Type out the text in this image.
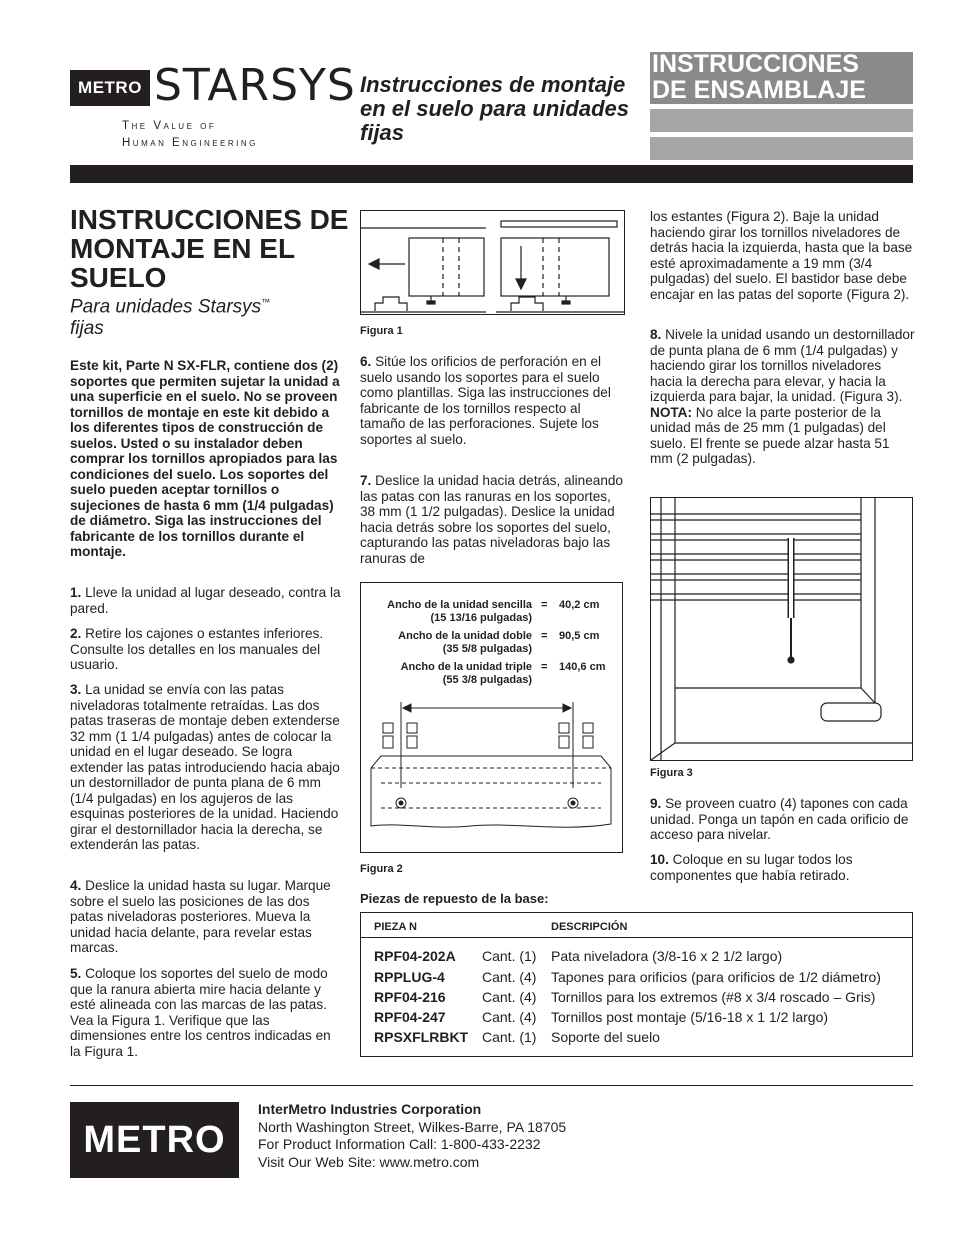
METRO STARSYS
The Value of
Human Engineering
Instrucciones de montaje en el suelo para unidades fijas
INSTRUCCIONES
DE ENSAMBLAJE
INSTRUCCIONES DE MONTAJE EN EL SUELO
Para unidades Starsys™
fijas
Este kit, Parte N SX-FLR, contiene dos (2) soportes que permiten sujetar la unidad a una superficie en el suelo. No se proveen tornillos de montaje en este kit debido a los diferentes tipos de construcción de suelos. Usted o su instalador deben comprar los tornillos apropiados para las condiciones del suelo. Los soportes del suelo pueden aceptar tornillos o sujeciones de hasta 6 mm (1/4 pulgadas) de diámetro. Siga las instrucciones del fabricante de los tornillos durante el montaje.
1. Lleve la unidad al lugar deseado, contra la pared.
2. Retire los cajones o estantes inferiores. Consulte los detalles en los manuales del usuario.
3. La unidad se envía con las patas niveladoras totalmente retraídas. Las dos patas traseras de montaje deben extenderse 32 mm (1 1/4 pulgadas) antes de colocar la unidad en el lugar deseado. Se logra extender las patas introduciendo hacia abajo un destornillador de punta plana de 6 mm (1/4 pulgadas) en los agujeros de las esquinas posteriores de la unidad. Haciendo girar el destornillador hacia la derecha, se extenderán las patas.
4. Deslice la unidad hasta su lugar. Marque sobre el suelo las posiciones de las dos patas niveladoras posteriores. Mueva la unidad hacia delante, para revelar estas marcas.
5. Coloque los soportes del suelo de modo que la ranura abierta mire hacia delante y esté alineada con las marcas de las patas. Vea la Figura 1. Verifique que las dimensiones entre los centros indicadas en la Figura 1.
Figura 1
6. Sitúe los orificios de perforación en el suelo usando los soportes para el suelo como plantillas. Siga las instrucciones del fabricante de los tornillos respecto al tamaño de las perforaciones. Sujete los soportes al suelo.
7. Deslice la unidad hacia detrás, alineando las patas con las ranuras en los soportes, 38 mm (1 1/2 pulgadas). Deslice la unidad hacia detrás sobre los soportes del suelo, capturando las patas niveladoras bajo las ranuras de
Ancho de la unidad sencilla
(15 13/16 pulgadas)
= 40,2 cm
Ancho de la unidad doble
(35 5/8 pulgadas)
= 90,5 cm
Ancho de la unidad triple
(55 3/8 pulgadas)
= 140,6 cm
Figura 2
los estantes (Figura 2). Baje la unidad haciendo girar los tornillos niveladores de detrás hacia la izquierda, hasta que la base esté aproximadamente a 19 mm (3/4 pulgadas) del suelo. El bastidor base debe encajar en las patas del soporte (Figura 2).
8. Nivele la unidad usando un destornillador de punta plana de 6 mm (1/4 pulgadas) y haciendo girar los tornillos niveladores hacia la derecha para elevar, y hacia la izquierda para bajar, la unidad. (Figura 3).
NOTA: No alce la parte posterior de la unidad más de 25 mm (1 pulgadas) del suelo. El frente se puede alzar hasta 51 mm (2 pulgadas).
Figura 3
9. Se proveen cuatro (4) tapones con cada unidad. Ponga un tapón en cada orificio de acceso para nivelar.
10. Coloque en su lugar todos los componentes que había retirado.
Piezas de repuesto de la base:
PIEZA N	DESCRIPCIÓN
RPF04-202A Cant. (1) Pata niveladora (3/8-16 x 2 1/2 largo)
RPPLUG-4	Cant. (4) Tapones para orificios (para orificios de 1/2 diámetro)
RPF04-216	Cant. (4) Tornillos para los extremos (#8 x 3/4 roscado – Gris)
RPF04-247	Cant. (4) Tornillos post montaje (5/16-18 x 1 1/2 largo)
RPSXFLRBKT Cant. (1) Soporte del suelo
METRO
InterMetro Industries Corporation
North Washington Street, Wilkes-Barre, PA 18705
For Product Information Call: 1-800-433-2232
Visit Our Web Site: www.metro.com
